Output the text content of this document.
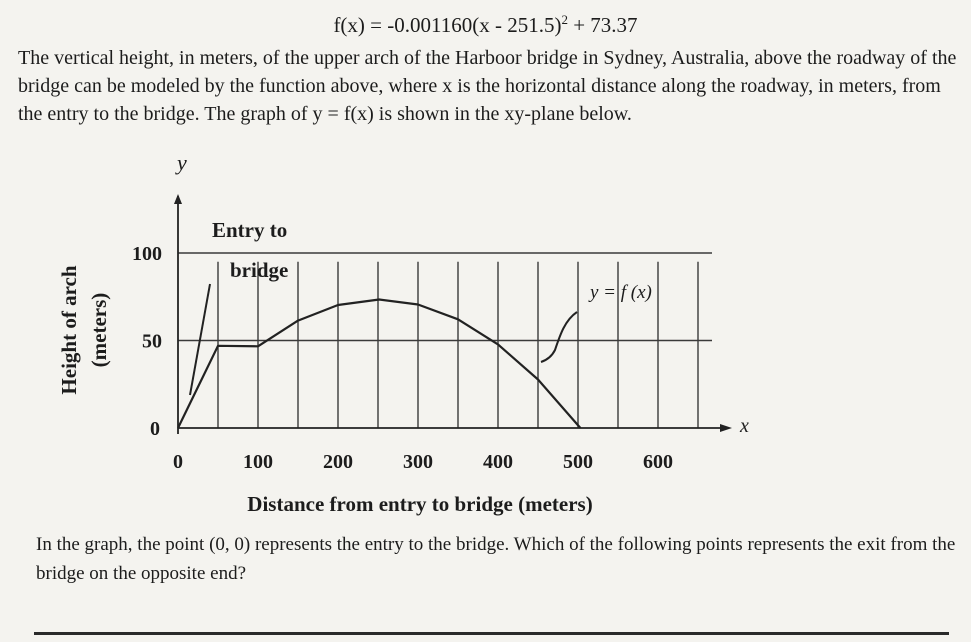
f(x) = -0.001160(x - 251.5)$^2$ + 73.37
The vertical height, in meters, of the upper arch of the Harboor bridge in Sydney, Australia, above the roadway of the bridge can be modeled by the function above, where x is the horizontal distance along the roadway, in meters, from the entry to the bridge. The graph of y = f(x) is shown in the xy-plane below.
0	100	200	300	400	500	600
0
50
100
y
x
Distance from entry to bridge (meters)
Height of arch (meters)
Entry to
bridge
y = f (x)
In the graph, the point (0, 0) represents the entry to the bridge. Which of the following points represents the exit from the bridge on the opposite end?
